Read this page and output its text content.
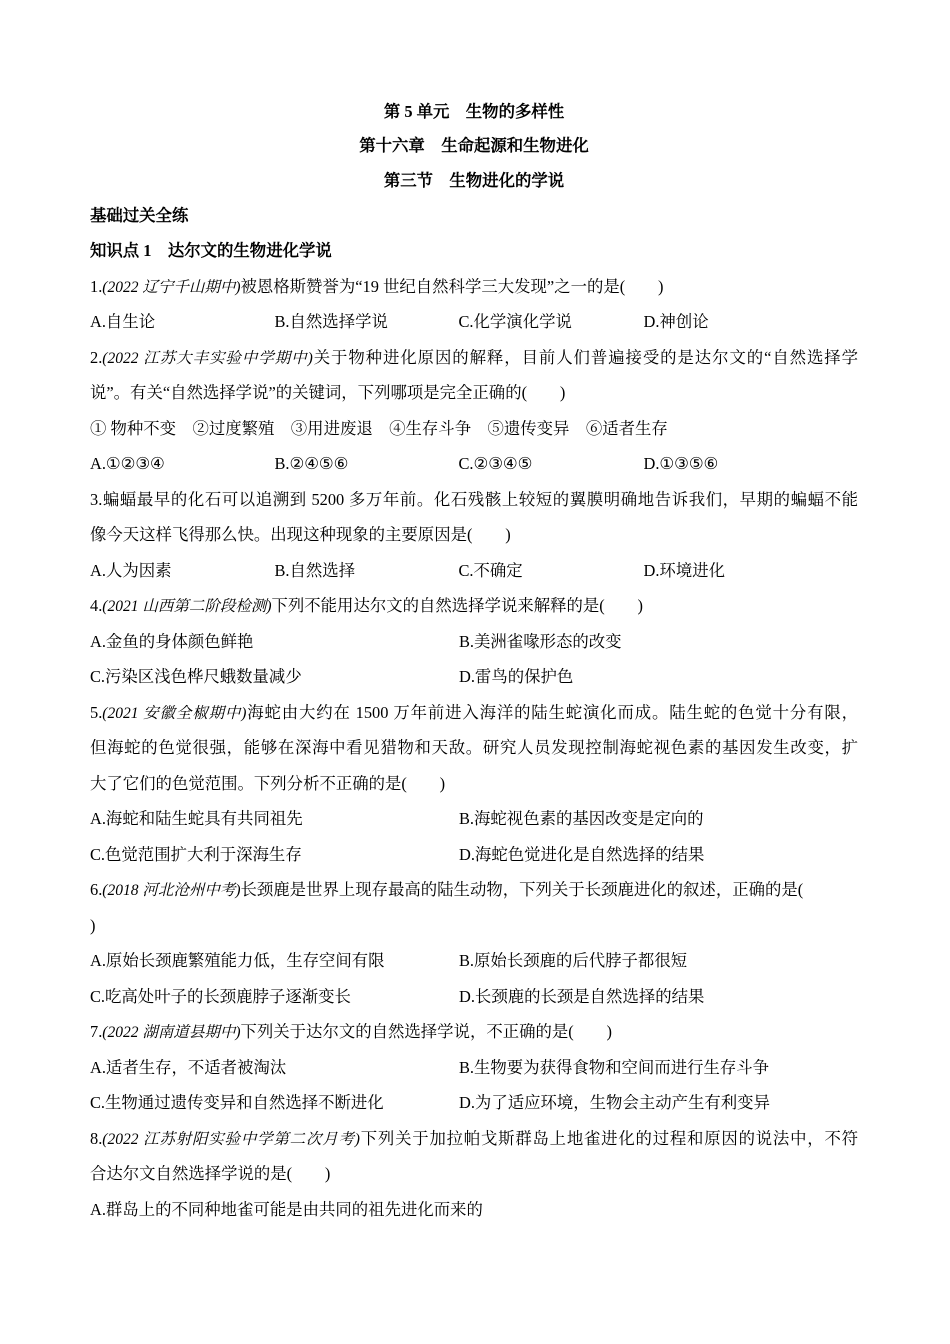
第 5 单元　生物的多样性
第十六章　生命起源和生物进化
第三节　生物进化的学说
基础过关全练
知识点 1　达尔文的生物进化学说
1.(2022 辽宁千山期中)被恩格斯赞誉为“19 世纪自然科学三大发现”之一的是(　　)
A.自生论	B.自然选择学说	C.化学演化学说	D.神创论
2.(2022 江苏大丰实验中学期中)关于物种进化原因的解释，目前人们普遍接受的是达尔文的“自然选择学
说”。有关“自然选择学说”的关键词，下列哪项是完全正确的(　　)
① 物种不变　②过度繁殖　③用进废退　④生存斗争　⑤遗传变异　⑥适者生存
A.①②③④	B.②④⑤⑥	C.②③④⑤	D.①③⑤⑥
3.蝙蝠最早的化石可以追溯到 5200 多万年前。化石残骸上较短的翼膜明确地告诉我们，早期的蝙蝠不能
像今天这样飞得那么快。出现这种现象的主要原因是(　　)
A.人为因素	B.自然选择	C.不确定	D.环境进化
4.(2021 山西第二阶段检测)下列不能用达尔文的自然选择学说来解释的是(　　)
A.金鱼的身体颜色鲜艳	B.美洲雀喙形态的改变
C.污染区浅色桦尺蛾数量减少	D.雷鸟的保护色
5.(2021 安徽全椒期中)海蛇由大约在 1500 万年前进入海洋的陆生蛇演化而成。陆生蛇的色觉十分有限，
但海蛇的色觉很强，能够在深海中看见猎物和天敌。研究人员发现控制海蛇视色素的基因发生改变，扩
大了它们的色觉范围。下列分析不正确的是(　　)
A.海蛇和陆生蛇具有共同祖先	B.海蛇视色素的基因改变是定向的
C.色觉范围扩大利于深海生存	D.海蛇色觉进化是自然选择的结果
6.(2018 河北沧州中考)长颈鹿是世界上现存最高的陆生动物，下列关于长颈鹿进化的叙述，正确的是(
)
A.原始长颈鹿繁殖能力低，生存空间有限	B.原始长颈鹿的后代脖子都很短
C.吃高处叶子的长颈鹿脖子逐渐变长	D.长颈鹿的长颈是自然选择的结果
7.(2022 湖南道县期中)下列关于达尔文的自然选择学说，不正确的是(　　)
A.适者生存，不适者被淘汰	B.生物要为获得食物和空间而进行生存斗争
C.生物通过遗传变异和自然选择不断进化	D.为了适应环境，生物会主动产生有利变异
8.(2022 江苏射阳实验中学第二次月考)下列关于加拉帕戈斯群岛上地雀进化的过程和原因的说法中，不符
合达尔文自然选择学说的是(　　)
A.群岛上的不同种地雀可能是由共同的祖先进化而来的
